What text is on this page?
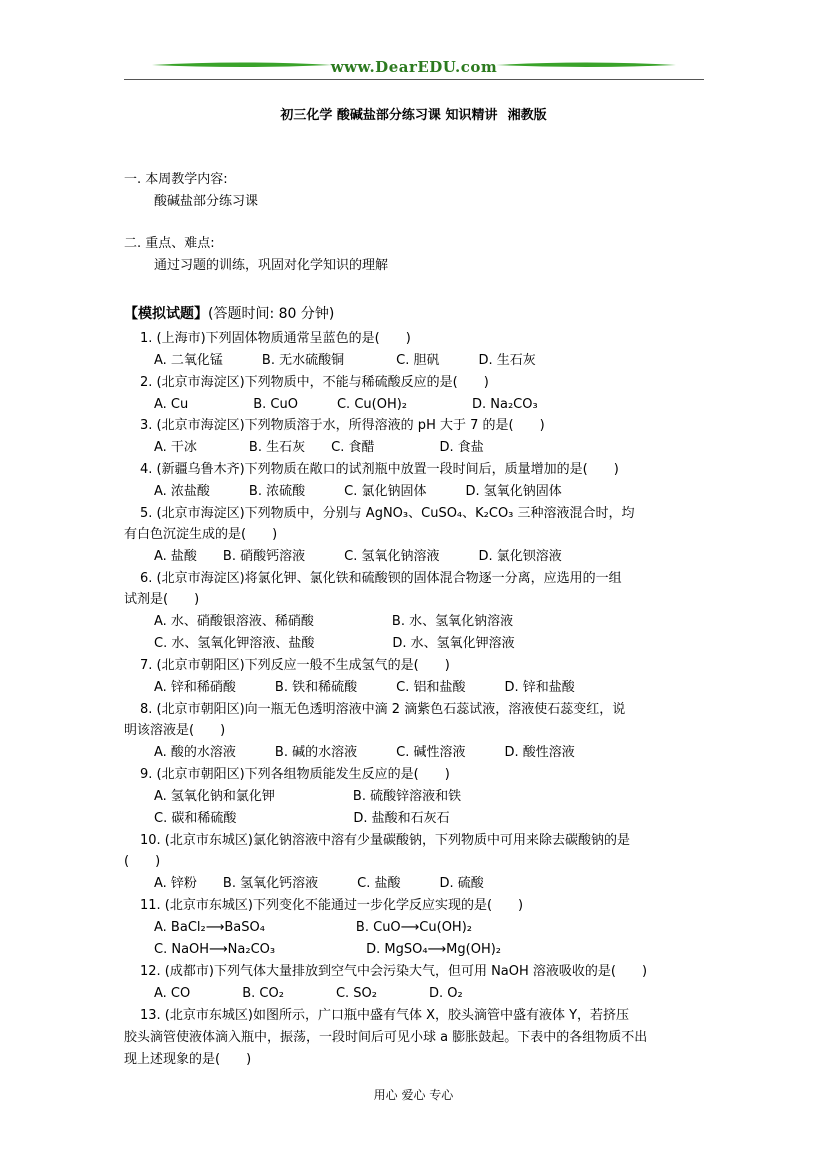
www.DearEDU.com
初三化学 酸碱盐部分练习课 知识精讲 湘教版
一. 本周教学内容:
酸碱盐部分练习课
二. 重点、难点:
通过习题的训练，巩固对化学知识的理解
【模拟试题】(答题时间: 80 分钟)
1. (上海市)下列固体物质通常呈蓝色的是(　　)
A. 二氧化锰　　　B. 无水硫酸铜　　　　C. 胆矾　　　D. 生石灰
2. (北京市海淀区)下列物质中，不能与稀硫酸反应的是(　　)
A. Cu　　　　　B. CuO　　　C. Cu(OH)₂　　　　　D. Na₂CO₃
3. (北京市海淀区)下列物质溶于水，所得溶液的 pH 大于 7 的是(　　)
A. 干冰　　　　B. 生石灰　　C. 食醋　　　　　D. 食盐
4. (新疆乌鲁木齐)下列物质在敞口的试剂瓶中放置一段时间后，质量增加的是(　　)
A. 浓盐酸　　　B. 浓硫酸　　　C. 氯化钠固体　　　D. 氢氧化钠固体
5. (北京市海淀区)下列物质中，分别与 AgNO₃、CuSO₄、K₂CO₃ 三种溶液混合时，均
有白色沉淀生成的是(　　)
A. 盐酸　　B. 硝酸钙溶液　　　C. 氢氧化钠溶液　　　D. 氯化钡溶液
6. (北京市海淀区)将氯化钾、氯化铁和硫酸钡的固体混合物逐一分离，应选用的一组
试剂是(　　)
A. 水、硝酸银溶液、稀硝酸　　　　　　B. 水、氢氧化钠溶液
C. 水、氢氧化钾溶液、盐酸　　　　　　D. 水、氢氧化钾溶液
7. (北京市朝阳区)下列反应一般不生成氢气的是(　　)
A. 锌和稀硝酸　　　B. 铁和稀硫酸　　　C. 铝和盐酸　　　D. 锌和盐酸
8. (北京市朝阳区)向一瓶无色透明溶液中滴 2 滴紫色石蕊试液，溶液使石蕊变红，说
明该溶液是(　　)
A. 酸的水溶液　　　B. 碱的水溶液　　　C. 碱性溶液　　　D. 酸性溶液
9. (北京市朝阳区)下列各组物质能发生反应的是(　　)
A. 氢氧化钠和氯化钾　　　　　　B. 硫酸锌溶液和铁
C. 碳和稀硫酸　　　　　　　　　D. 盐酸和石灰石
10. (北京市东城区)氯化钠溶液中溶有少量碳酸钠，下列物质中可用来除去碳酸钠的是
(　　)
A. 锌粉　　B. 氢氧化钙溶液　　　C. 盐酸　　　D. 硫酸
11. (北京市东城区)下列变化不能通过一步化学反应实现的是(　　)
A. BaCl₂⟶BaSO₄　　　　　　　B. CuO⟶Cu(OH)₂
C. NaOH⟶Na₂CO₃　　　　　　　D. MgSO₄⟶Mg(OH)₂
12. (成都市)下列气体大量排放到空气中会污染大气，但可用 NaOH 溶液吸收的是(　　)
A. CO　　　　B. CO₂　　　　C. SO₂　　　　D. O₂
13. (北京市东城区)如图所示，广口瓶中盛有气体 X，胶头滴管中盛有液体 Y，若挤压
胶头滴管使液体滴入瓶中，振荡，一段时间后可见小球 a 膨胀鼓起。下表中的各组物质不出
现上述现象的是(　　)
用心 爱心 专心
